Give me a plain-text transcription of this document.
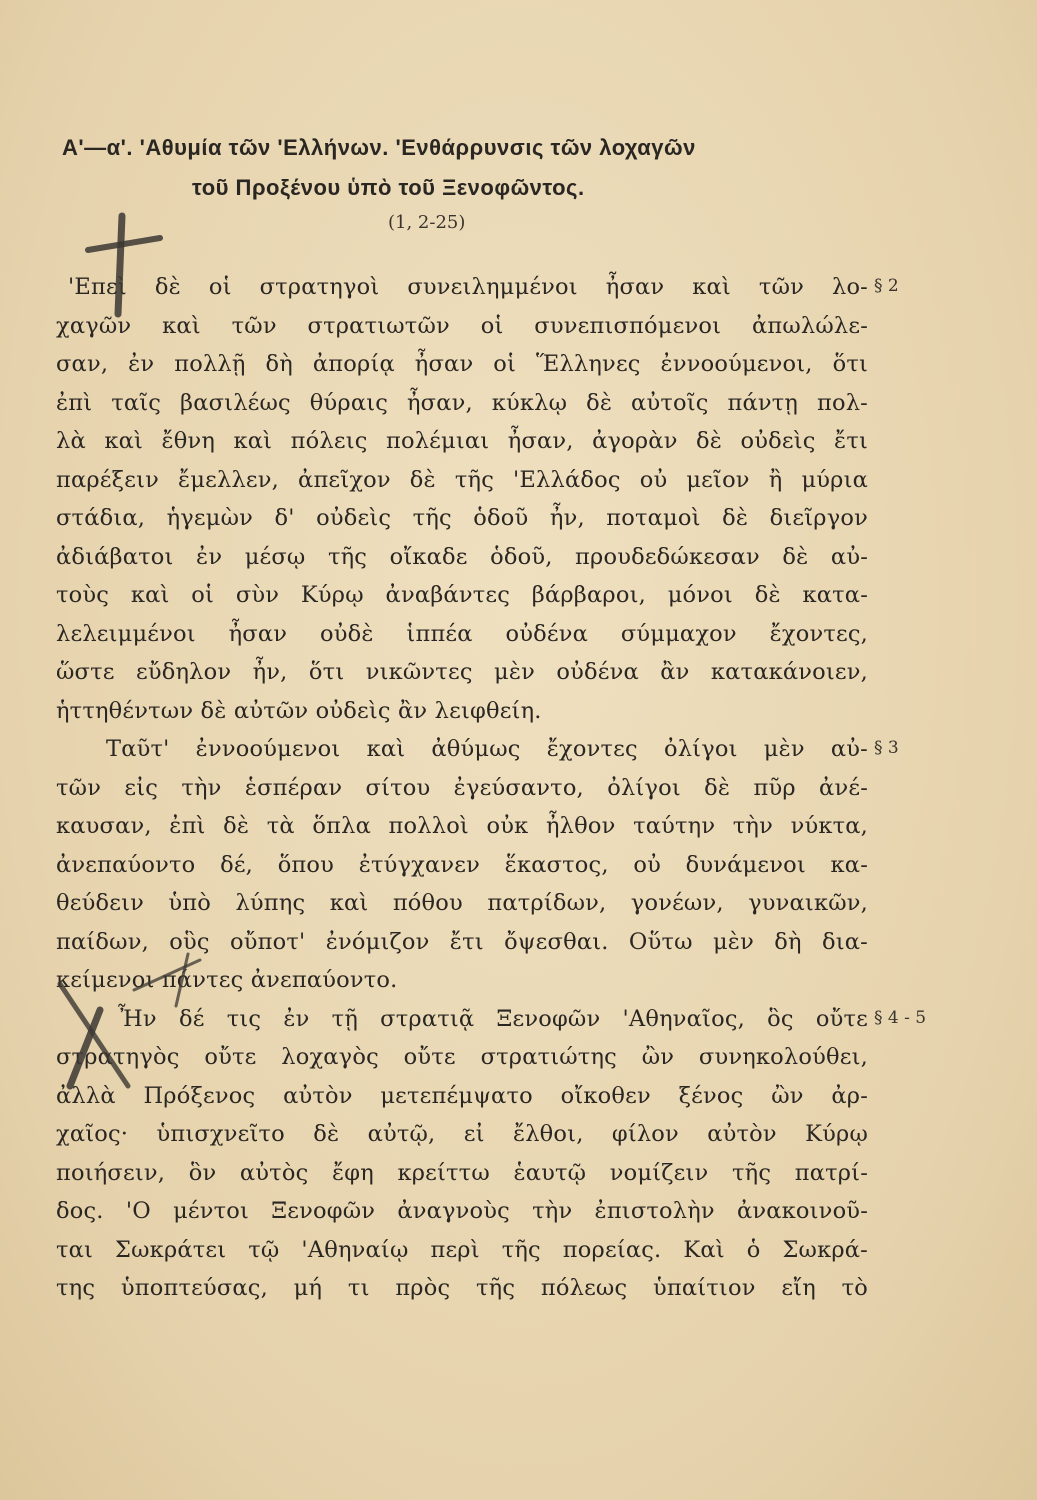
Α'—α'. 'Αθυμία τῶν 'Ελλήνων. 'Ενθάρρυνσις τῶν λοχαγῶν
τοῦ Προξένου ὑπὸ τοῦ Ξενοφῶντος.
(1, 2-25)
'Επεὶ δὲ οἱ στρατηγοὶ συνειλημμένοι ἦσαν καὶ τῶν λο-
χαγῶν καὶ τῶν στρατιωτῶν οἱ συνεπισπόμενοι ἀπωλώλε-
σαν, ἐν πολλῇ δὴ ἀπορίᾳ ἦσαν οἱ Ἕλληνες ἐννοούμενοι, ὅτι
ἐπὶ ταῖς βασιλέως θύραις ἦσαν, κύκλῳ δὲ αὐτοῖς πάντῃ πολ-
λὰ καὶ ἔθνη καὶ πόλεις πολέμιαι ἦσαν, ἀγορὰν δὲ οὐδεὶς ἔτι
παρέξειν ἔμελλεν, ἀπεῖχον δὲ τῆς 'Ελλάδος οὐ μεῖον ἢ μύρια
στάδια, ἡγεμὼν δ' οὐδεὶς τῆς ὁδοῦ ἦν, ποταμοὶ δὲ διεῖργον
ἀδιάβατοι ἐν μέσῳ τῆς οἴκαδε ὁδοῦ, προυδεδώκεσαν δὲ αὐ-
τοὺς καὶ οἱ σὺν Κύρῳ ἀναβάντες βάρβαροι, μόνοι δὲ κατα-
λελειμμένοι ἦσαν οὐδὲ ἱππέα οὐδένα σύμμαχον ἔχοντες,
ὥστε εὔδηλον ἦν, ὅτι νικῶντες μὲν οὐδένα ἂν κατακάνοιεν,
ἡττηθέντων δὲ αὐτῶν οὐδεὶς ἂν λειφθείη.
Ταῦτ' ἐννοούμενοι καὶ ἀθύμως ἔχοντες ὀλίγοι μὲν αὐ-
τῶν εἰς τὴν ἑσπέραν σίτου ἐγεύσαντο, ὀλίγοι δὲ πῦρ ἀνέ-
καυσαν, ἐπὶ δὲ τὰ ὅπλα πολλοὶ οὐκ ἦλθον ταύτην τὴν νύκτα,
ἀνεπαύοντο δέ, ὅπου ἐτύγχανεν ἕκαστος, οὐ δυνάμενοι κα-
θεύδειν ὑπὸ λύπης καὶ πόθου πατρίδων, γονέων, γυναικῶν,
παίδων, οὓς οὔποτ' ἐνόμιζον ἔτι ὄψεσθαι. Οὕτω μὲν δὴ δια-
κείμενοι πάντες ἀνεπαύοντο.
Ἦν δέ τις ἐν τῇ στρατιᾷ Ξενοφῶν 'Αθηναῖος, ὃς οὔτε
στρατηγὸς οὔτε λοχαγὸς οὔτε στρατιώτης ὢν συνηκολούθει,
ἀλλὰ Πρόξενος αὐτὸν μετεπέμψατο οἴκοθεν ξένος ὢν ἀρ-
χαῖος· ὑπισχνεῖτο δὲ αὐτῷ, εἰ ἔλθοι, φίλον αὐτὸν Κύρῳ
ποιήσειν, ὃν αὐτὸς ἔφη κρείττω ἑαυτῷ νομίζειν τῆς πατρί-
δος. 'Ο μέντοι Ξενοφῶν ἀναγνοὺς τὴν ἐπιστολὴν ἀνακοινοῦ-
ται Σωκράτει τῷ 'Αθηναίῳ περὶ τῆς πορείας. Καὶ ὁ Σωκρά-
της ὑποπτεύσας, μή τι πρὸς τῆς πόλεως ὑπαίτιον εἴη τὸ
§ 2
§ 3
§ 4 - 5
